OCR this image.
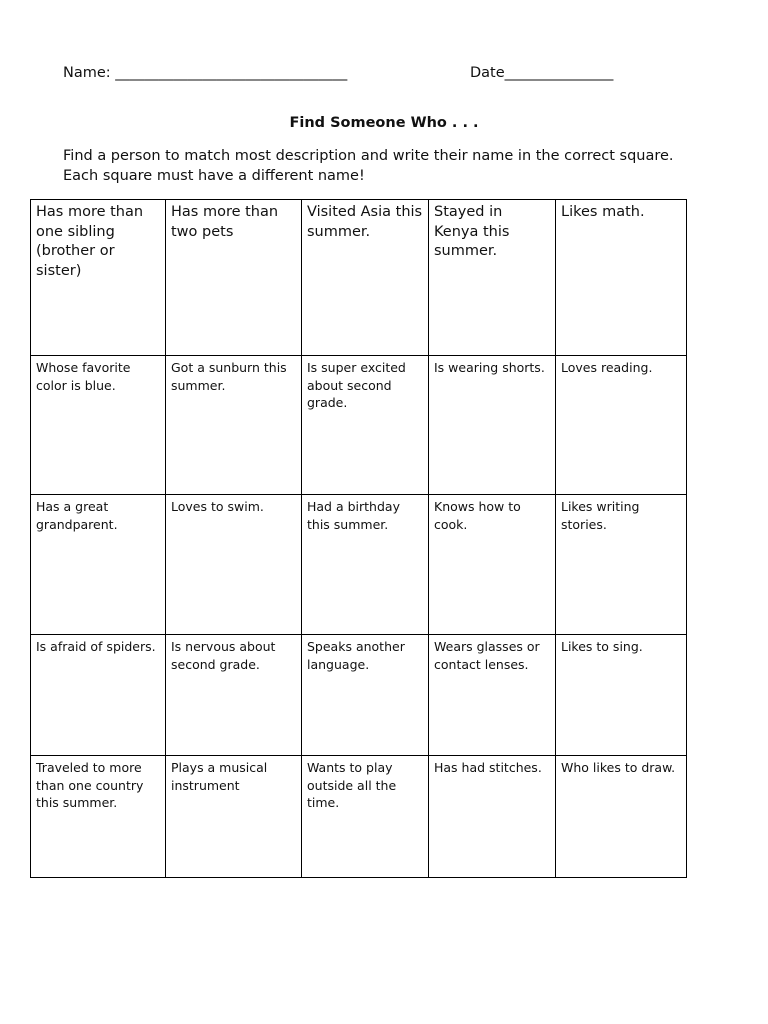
Name: ________________________________	Date_______________
Find Someone Who . . .
Find a person to match most description and write their name in the correct square.
Each square must have a different name!
Has more than one sibling (brother or sister)	Has more than two pets	Visited Asia this summer.	Stayed in Kenya this summer.	Likes math.
Whose favorite color is blue.	Got a sunburn this summer.	Is super excited about second grade.	Is wearing shorts.	Loves reading.
Has a great grandparent.	Loves to swim.	Had a birthday this summer.	Knows how to cook.	Likes writing stories.
Is afraid of spiders.	Is nervous about second grade.	Speaks another language.	Wears glasses or contact lenses.	Likes to sing.
Traveled to more than one country this summer.	Plays a musical instrument	Wants to play outside all the time.	Has had stitches.	Who likes to draw.
